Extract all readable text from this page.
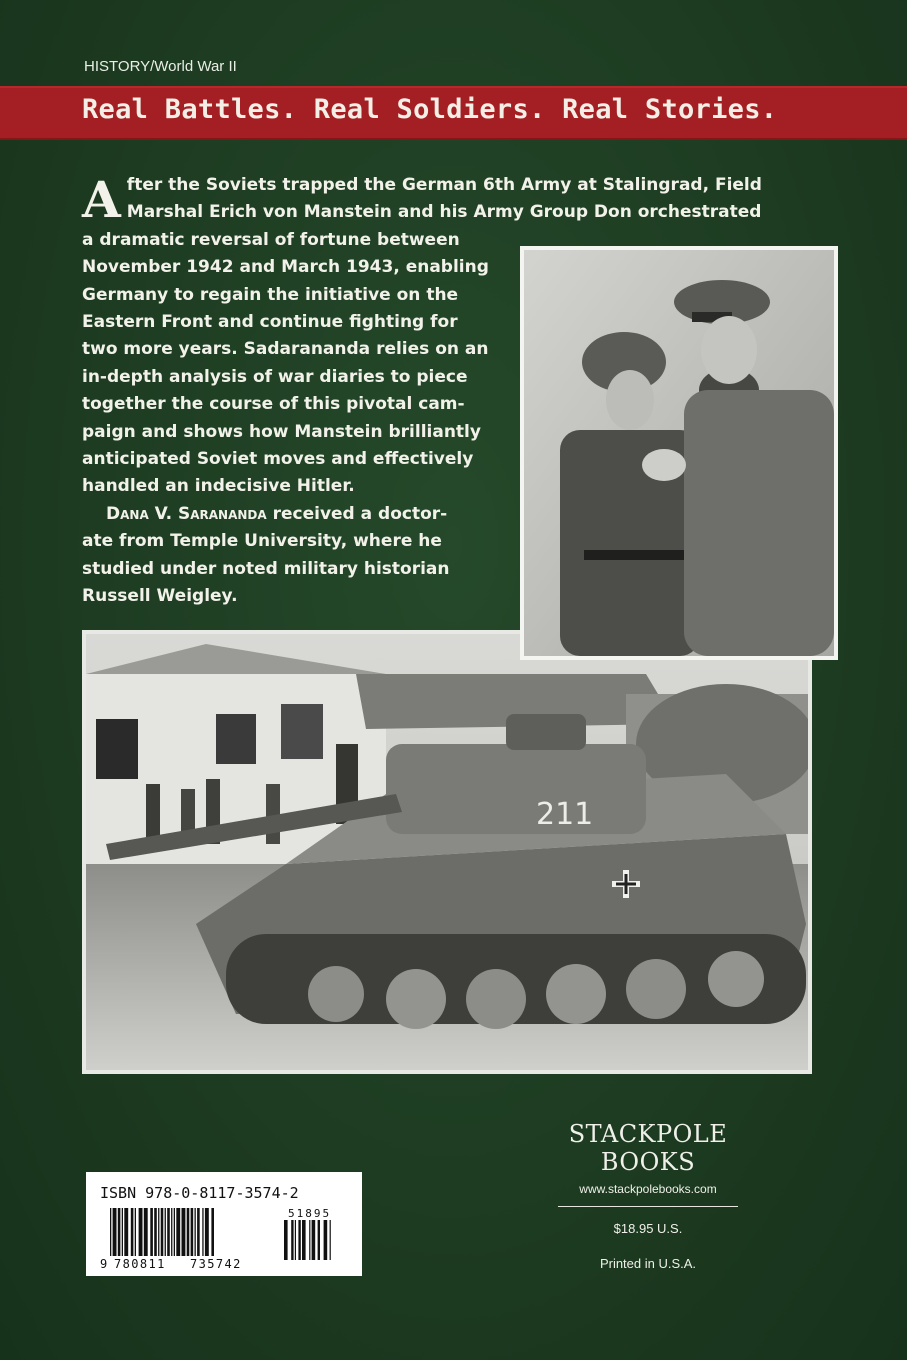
HISTORY/World War II
Real Battles. Real Soldiers. Real Stories.
A fter the Soviets trapped the German 6th Army at Stalingrad, Field
Marshal Erich von Manstein and his Army Group Don orchestrated
a dramatic reversal of fortune between
November 1942 and March 1943, enabling
Germany to regain the initiative on the
Eastern Front and continue fighting for
two more years. Sadarananda relies on an
in-depth analysis of war diaries to piece
together the course of this pivotal cam-
paign and shows how Manstein brilliantly
anticipated Soviet moves and effectively
handled an indecisive Hitler.
Dana V. Sarananda received a doctor-
ate from Temple University, where he
studied under noted military historian
Russell Weigley.
211
STACKPOLE
BOOKS
www.stackpolebooks.com
$18.95 U.S.
Printed in U.S.A.
ISBN 978-0-8117-3574-2
51895
9 780811 735742
